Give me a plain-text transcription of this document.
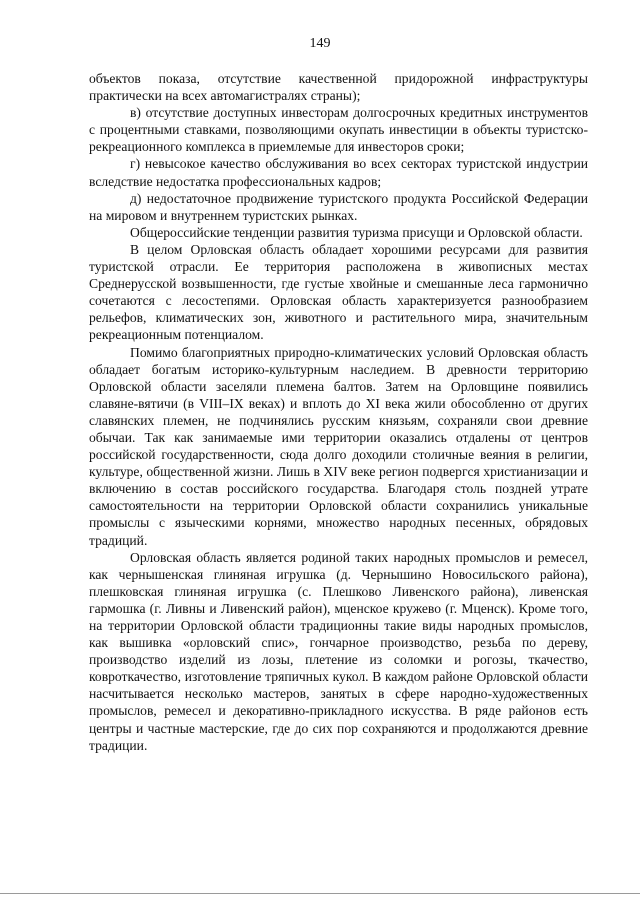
149

объектов показа, отсутствие качественной придорожной инфраструктуры практически на всех автомагистралях страны);

в) отсутствие доступных инвесторам долгосрочных кредитных инструментов с процентными ставками, позволяющими окупать инвестиции в объекты туристско-рекреационного комплекса в приемлемые для инвесторов сроки;

г) невысокое качество обслуживания во всех секторах туристской индустрии вследствие недостатка профессиональных кадров;

д) недостаточное продвижение туристского продукта Российской Федерации на мировом и внутреннем туристских рынках.

Общероссийские тенденции развития туризма присущи и Орловской области.

В целом Орловская область обладает хорошими ресурсами для развития туристской отрасли. Ее территория расположена в живописных местах Среднерусской возвышенности, где густые хвойные и смешанные леса гармонично сочетаются с лесостепями. Орловская область характеризуется разнообразием рельефов, климатических зон, животного и растительного мира, значительным рекреационным потенциалом.

Помимо благоприятных природно-климатических условий Орловская область обладает богатым историко-культурным наследием. В древности территорию Орловской области заселяли племена балтов. Затем на Орловщине появились славяне-вятичи (в VIII–IX веках) и вплоть до XI века жили обособленно от других славянских племен, не подчинялись русским князьям, сохраняли свои древние обычаи. Так как занимаемые ими территории оказались отдалены от центров российской государственности, сюда долго доходили столичные веяния в религии, культуре, общественной жизни. Лишь в XIV веке регион подвергся христианизации и включению в состав российского государства. Благодаря столь поздней утрате самостоятельности на территории Орловской области сохранились уникальные промыслы с языческими корнями, множество народных песенных, обрядовых традиций.

Орловская область является родиной таких народных промыслов и ремесел, как чернышенская глиняная игрушка (д. Чернышино Новосильского района), плешковская глиняная игрушка (с. Плешково Ливенского района), ливенская гармошка (г. Ливны и Ливенский район), мценское кружево (г. Мценск). Кроме того, на территории Орловской области традиционны такие виды народных промыслов, как вышивка «орловский спис», гончарное производство, резьба по дереву, производство изделий из лозы, плетение из соломки и рогозы, ткачество, ковроткачество, изготовление тряпичных кукол. В каждом районе Орловской области насчитывается несколько мастеров, занятых в сфере народно-художественных промыслов, ремесел и декоративно-прикладного искусства. В ряде районов есть центры и частные мастерские, где до сих пор сохраняются и продолжаются древние традиции.
